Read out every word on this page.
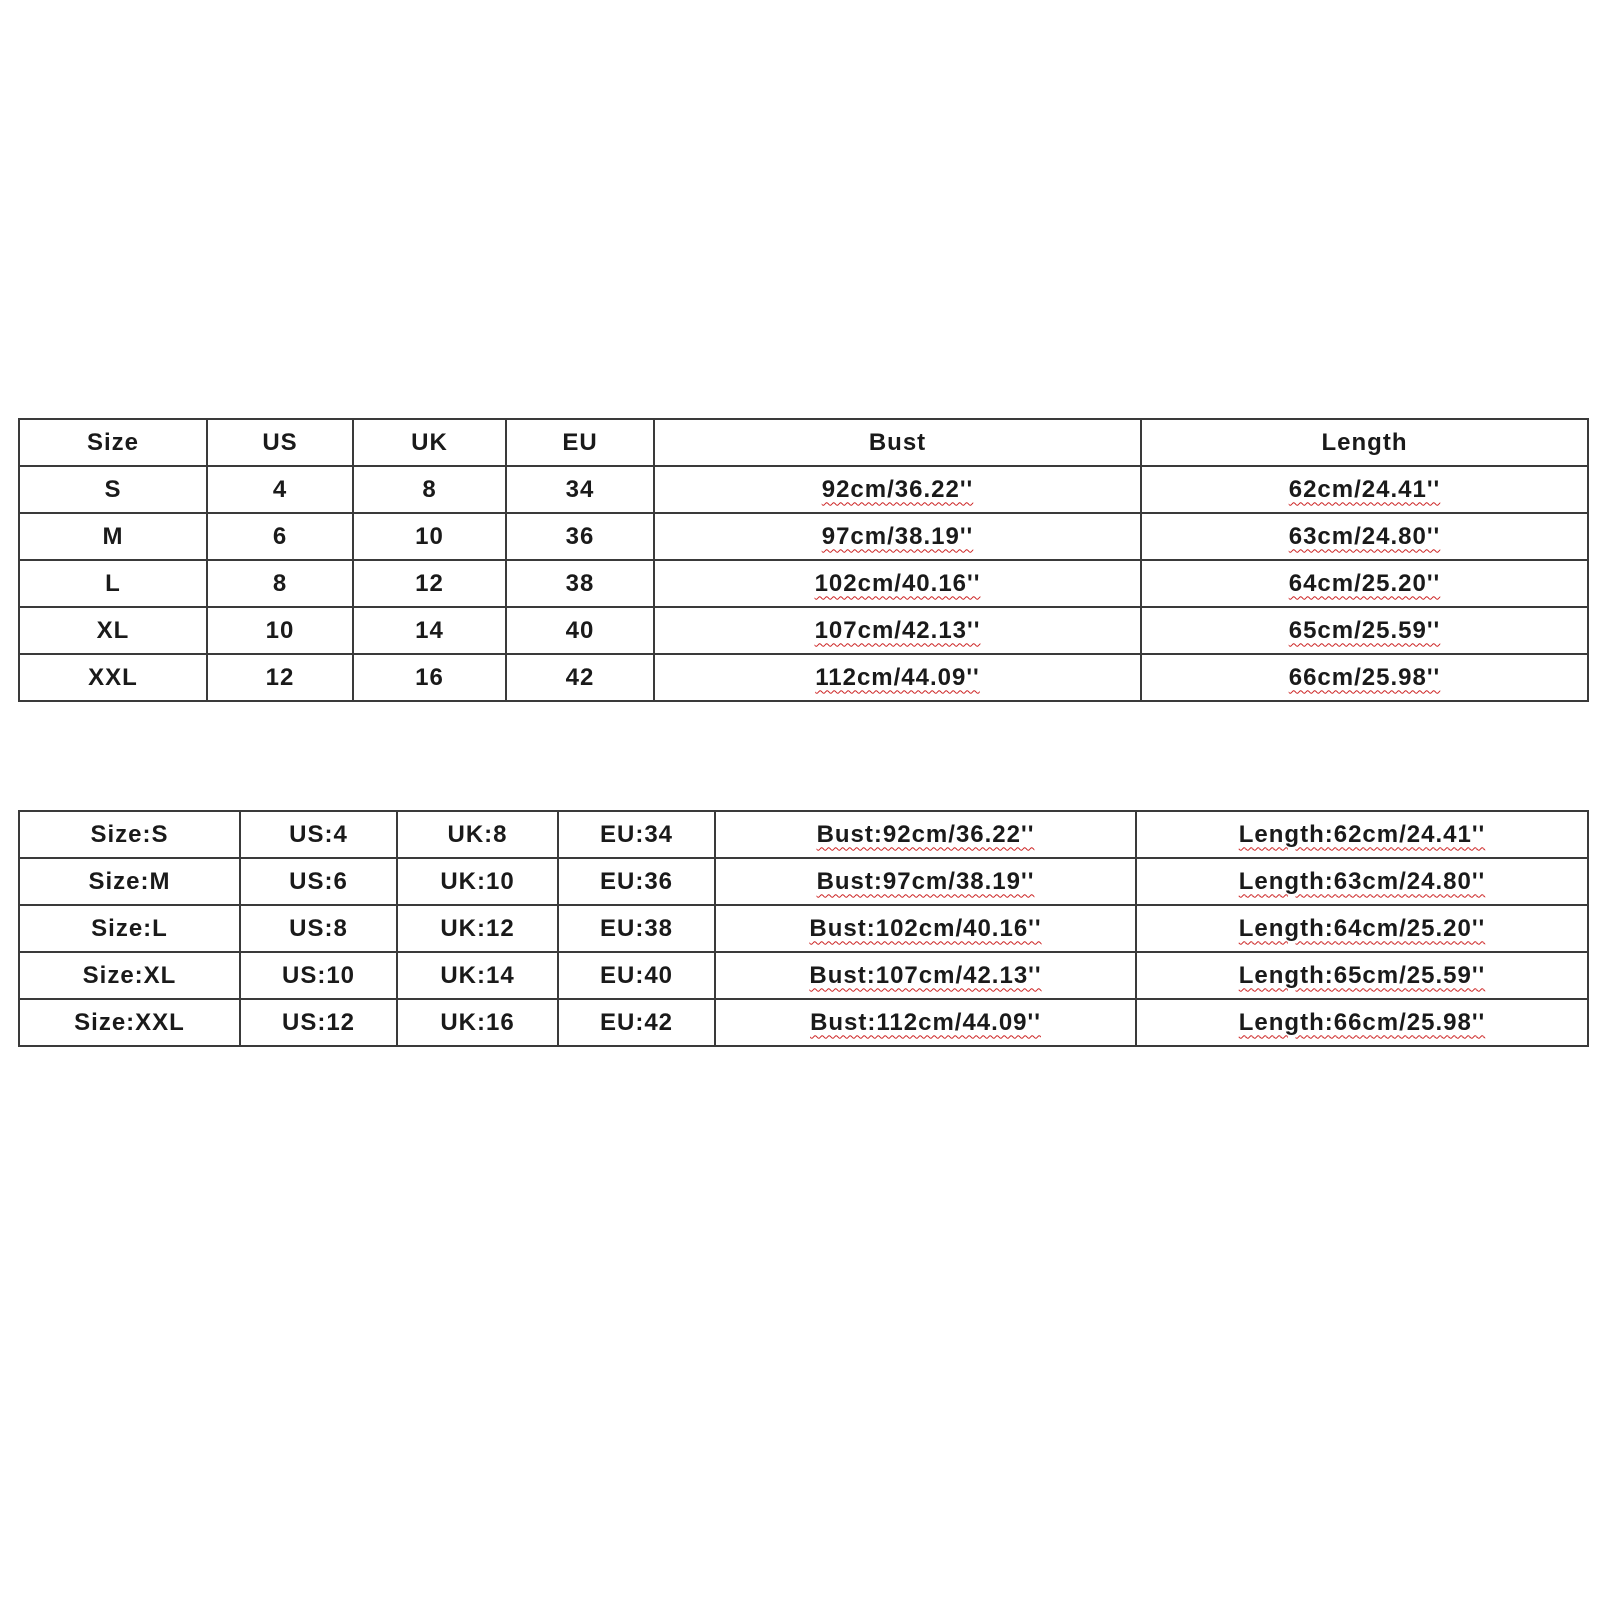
Size	US	UK	EU	Bust	Length
S	4	8	34	92cm/36.22''	62cm/24.41''
M	6	10	36	97cm/38.19''	63cm/24.80''
L	8	12	38	102cm/40.16''	64cm/25.20''
XL	10	14	40	107cm/42.13''	65cm/25.59''
XXL	12	16	42	112cm/44.09''	66cm/25.98''
Size:S	US:4	UK:8	EU:34	Bust:92cm/36.22''	Length:62cm/24.41''
Size:M	US:6	UK:10	EU:36	Bust:97cm/38.19''	Length:63cm/24.80''
Size:L	US:8	UK:12	EU:38	Bust:102cm/40.16''	Length:64cm/25.20''
Size:XL	US:10	UK:14	EU:40	Bust:107cm/42.13''	Length:65cm/25.59''
Size:XXL	US:12	UK:16	EU:42	Bust:112cm/44.09''	Length:66cm/25.98''
